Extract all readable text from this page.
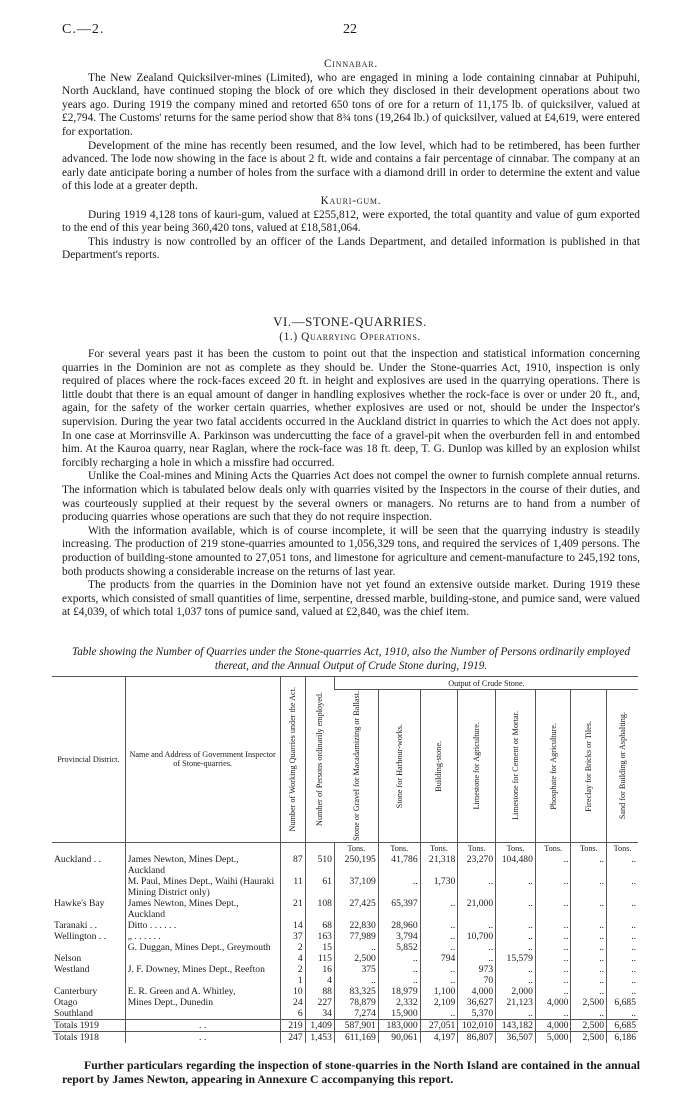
C.—2.	22
Cinnabar.

The New Zealand Quicksilver-mines (Limited), who are engaged in mining a lode containing cinnabar at Puhipuhi, North Auckland, have continued stoping the block of ore which they disclosed in their development operations about two years ago. During 1919 the company mined and retorted 650 tons of ore for a return of 11,175 lb. of quicksilver, valued at £2,794. The Customs' returns for the same period show that 8¾ tons (19,264 lb.) of quicksilver, valued at £4,619, were entered for exportation.

Development of the mine has recently been resumed, and the low level, which had to be retimbered, has been further advanced. The lode now showing in the face is about 2 ft. wide and contains a fair percentage of cinnabar. The company at an early date anticipate boring a number of holes from the surface with a diamond drill in order to determine the extent and value of this lode at a greater depth.

Kauri-gum.

During 1919 4,128 tons of kauri-gum, valued at £255,812, were exported, the total quantity and value of gum exported to the end of this year being 360,420 tons, valued at £18,581,064.

This industry is now controlled by an officer of the Lands Department, and detailed information is published in that Department's reports.

VI.—STONE-QUARRIES.
(1.) Quarrying Operations.

For several years past it has been the custom to point out that the inspection and statistical information concerning quarries in the Dominion are not as complete as they should be. Under the Stone-quarries Act, 1910, inspection is only required of places where the rock-faces exceed 20 ft. in height and explosives are used in the quarrying operations. There is little doubt that there is an equal amount of danger in handling explosives whether the rock-face is over or under 20 ft., and, again, for the safety of the worker certain quarries, whether explosives are used or not, should be under the Inspector's supervision. During the year two fatal accidents occurred in the Auckland district in quarries to which the Act does not apply. In one case at Morrinsville A. Parkinson was undercutting the face of a gravel-pit when the overburden fell in and entombed him. At the Kauroa quarry, near Raglan, where the rock-face was 18 ft. deep, T. G. Dunlop was killed by an explosion whilst forcibly recharging a hole in which a missfire had occurred.

Unlike the Coal-mines and Mining Acts the Quarries Act does not compel the owner to furnish complete annual returns. The information which is tabulated below deals only with quarries visited by the Inspectors in the course of their duties, and was courteously supplied at their request by the several owners or managers. No returns are to hand from a number of producing quarries whose operations are such that they do not require inspection.

With the information available, which is of course incomplete, it will be seen that the quarrying industry is steadily increasing. The production of 219 stone-quarries amounted to 1,056,329 tons, and required the services of 1,409 persons. The production of building-stone amounted to 27,051 tons, and limestone for agriculture and cement-manufacture to 245,192 tons, both products showing a considerable increase on the returns of last year.

The products from the quarries in the Dominion have not yet found an extensive outside market. During 1919 these exports, which consisted of small quantities of lime, serpentine, dressed marble, building-stone, and pumice sand, were valued at £4,039, of which total 1,037 tons of pumice sand, valued at £2,840, was the chief item.

Table showing the Number of Quarries under the Stone-quarries Act, 1910, also the Number of Persons ordinarily employed thereat, and the Annual Output of Crude Stone during, 1919.
Provincial District.	Name and Address of Government Inspector of Stone-quarries.	Number of Working Quarries under the Act.	Number of Persons ordinarily employed.	Output of Crude Stone.							

				Stone or Gravel for Macadamizing or Ballast.	Stone for Harbour-works.	Building-stone.	Limestone for Agriculture.	Limestone for Cement or Mortar.	Phosphate for Agriculture.	Fireclay for Bricks or Tiles.	Sand for Building or Asphalting.

				Tons.	Tons.	Tons.	Tons.	Tons.	Tons.	Tons.	Tons.
Auckland . .	James Newton, Mines Dept., Auckland	87	510	250,195	41,786	21,318	23,270	104,480	..	..	..
	M. Paul, Mines Dept., Waihi (Hauraki Mining District only)	11	61	37,109	..	1,730	..	..	..	..	..
Hawke's Bay	James Newton, Mines Dept., Auckland	21	108	27,425	65,397	..	21,000	..	..	..	..
Taranaki . .	Ditto . . . . . .	14	68	22,830	28,960	..	..	..	..	..	..
Wellington . .	„ . . . . . .	37	163	77,989	3,794	..	10,700	..	..	..	..
	G. Duggan, Mines Dept., Greymouth	2	15	..	5,852	..	..	..	..	..	..
Nelson		4	115	2,500	..	794	..	15,579	..	..	..
Westland	J. F. Downey, Mines Dept., Reefton	2	16	375	..	..	973	..	..	..	..
		1	4	..	..	..	70	..	..	..	..
Canterbury	E. R. Green and A. Whitley,	10	88	83,325	18,979	1,100	4,000	2,000	..	..	..
Otago	Mines Dept., Dunedin	24	227	78,879	2,332	2,109	36,627	21,123	4,000	2,500	6,685
Southland		6	34	7,274	15,900	..	5,370	..	..	..	..
Totals 1919	. .	219	1,409	587,901	183,000	27,051	102,010	143,182	4,000	2,500	6,685
Totals 1918	. .	247	1,453	611,169	90,061	4,197	86,807	36,507	5,000	2,500	6,186

Further particulars regarding the inspection of stone-quarries in the North Island are contained in the annual report by James Newton, appearing in Annexure C accompanying this report.
